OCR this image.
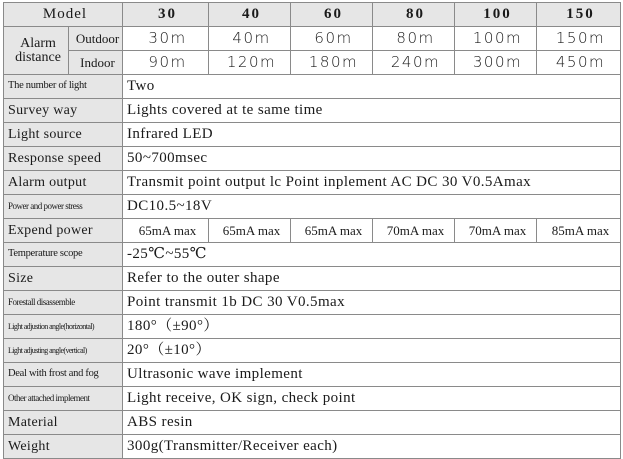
Model		30	40	60	80	100	150
Alarm
distance	Outdoor	30m	40m	60m	80m	100m	150m
	Indoor	90m	120m	180m	240m	300m	450m
The number of light		Two					
Survey way		Lights covered at te same time					
Light source		Infrared LED					
Response speed		50~700msec					
Alarm output		Transmit point output lc Point inplement AC DC 30 V0.5Amax					
Power and power stress		DC10.5~18V					
Expend power		65mA max	65mA max	65mA max	70mA max	70mA max	85mA max
Temperature scope		-25℃~55℃					
Size		Refer to the outer shape					
Forestall disassemble		Point transmit 1b DC 30 V0.5max					
Light adjustion angle(horizontal)		180°（±90°）					
Light adjusting angle(vertical)		20°（±10°）					
Deal with frost and fog		Ultrasonic wave implement					
Other attached implement		Light receive, OK sign, check point					
Material		ABS resin					
Weight		300g(Transmitter/Receiver each)					
